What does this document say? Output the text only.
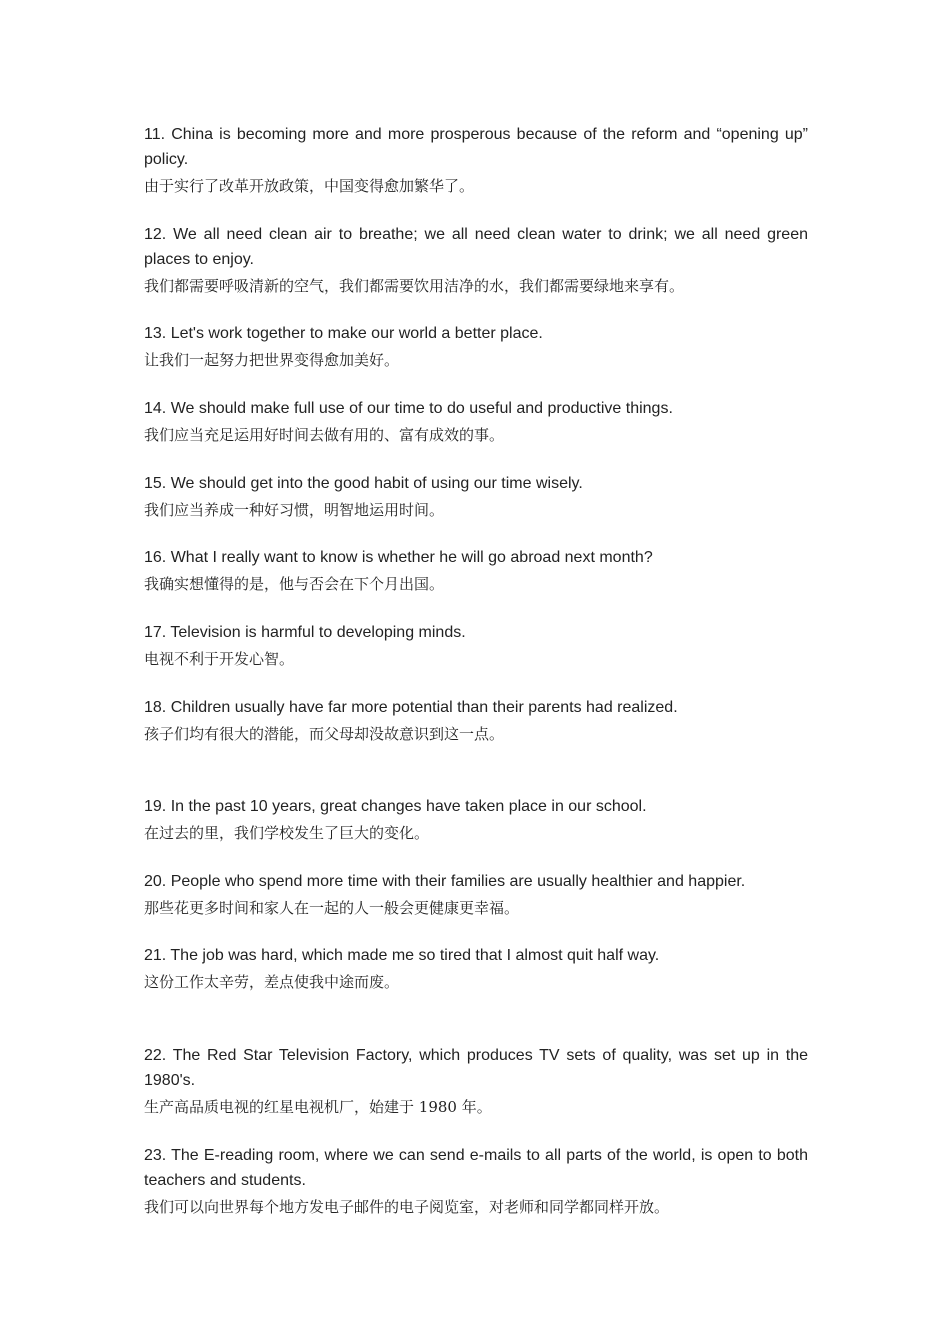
11. China is becoming more and more prosperous because of the reform and “opening up” policy.

由于实行了改革开放政策，中国变得愈加繁华了。

12. We all need clean air to breathe; we all need clean water to drink; we all need green places to enjoy.

我们都需要呼吸清新的空气，我们都需要饮用洁净的水，我们都需要绿地来享有。

13. Let's work together to make our world a better place.

让我们一起努力把世界变得愈加美好。

14. We should make full use of our time to do useful and productive things.

我们应当充足运用好时间去做有用的、富有成效的事。

15. We should get into the good habit of using our time wisely.

我们应当养成一种好习惯，明智地运用时间。

16. What I really want to know is whether he will go abroad next month?

我确实想懂得的是，他与否会在下个月出国。

17. Television is harmful to developing minds.

电视不利于开发心智。

18. Children usually have far more potential than their parents had realized.

孩子们均有很大的潜能，而父母却没故意识到这一点。

19. In the past 10 years, great changes have taken place in our school.

在过去的里，我们学校发生了巨大的变化。

20. People who spend more time with their families are usually healthier and happier.

那些花更多时间和家人在一起的人一般会更健康更幸福。

21. The job was hard, which made me so tired that I almost quit half way.

这份工作太辛劳，差点使我中途而废。

22. The Red Star Television Factory, which produces TV sets of quality, was set up in the 1980's.

生产高品质电视的红星电视机厂，始建于 1980 年。

23. The E-reading room, where we can send e-mails to all parts of the world, is open to both teachers and students.

我们可以向世界每个地方发电子邮件的电子阅览室，对老师和同学都同样开放。
